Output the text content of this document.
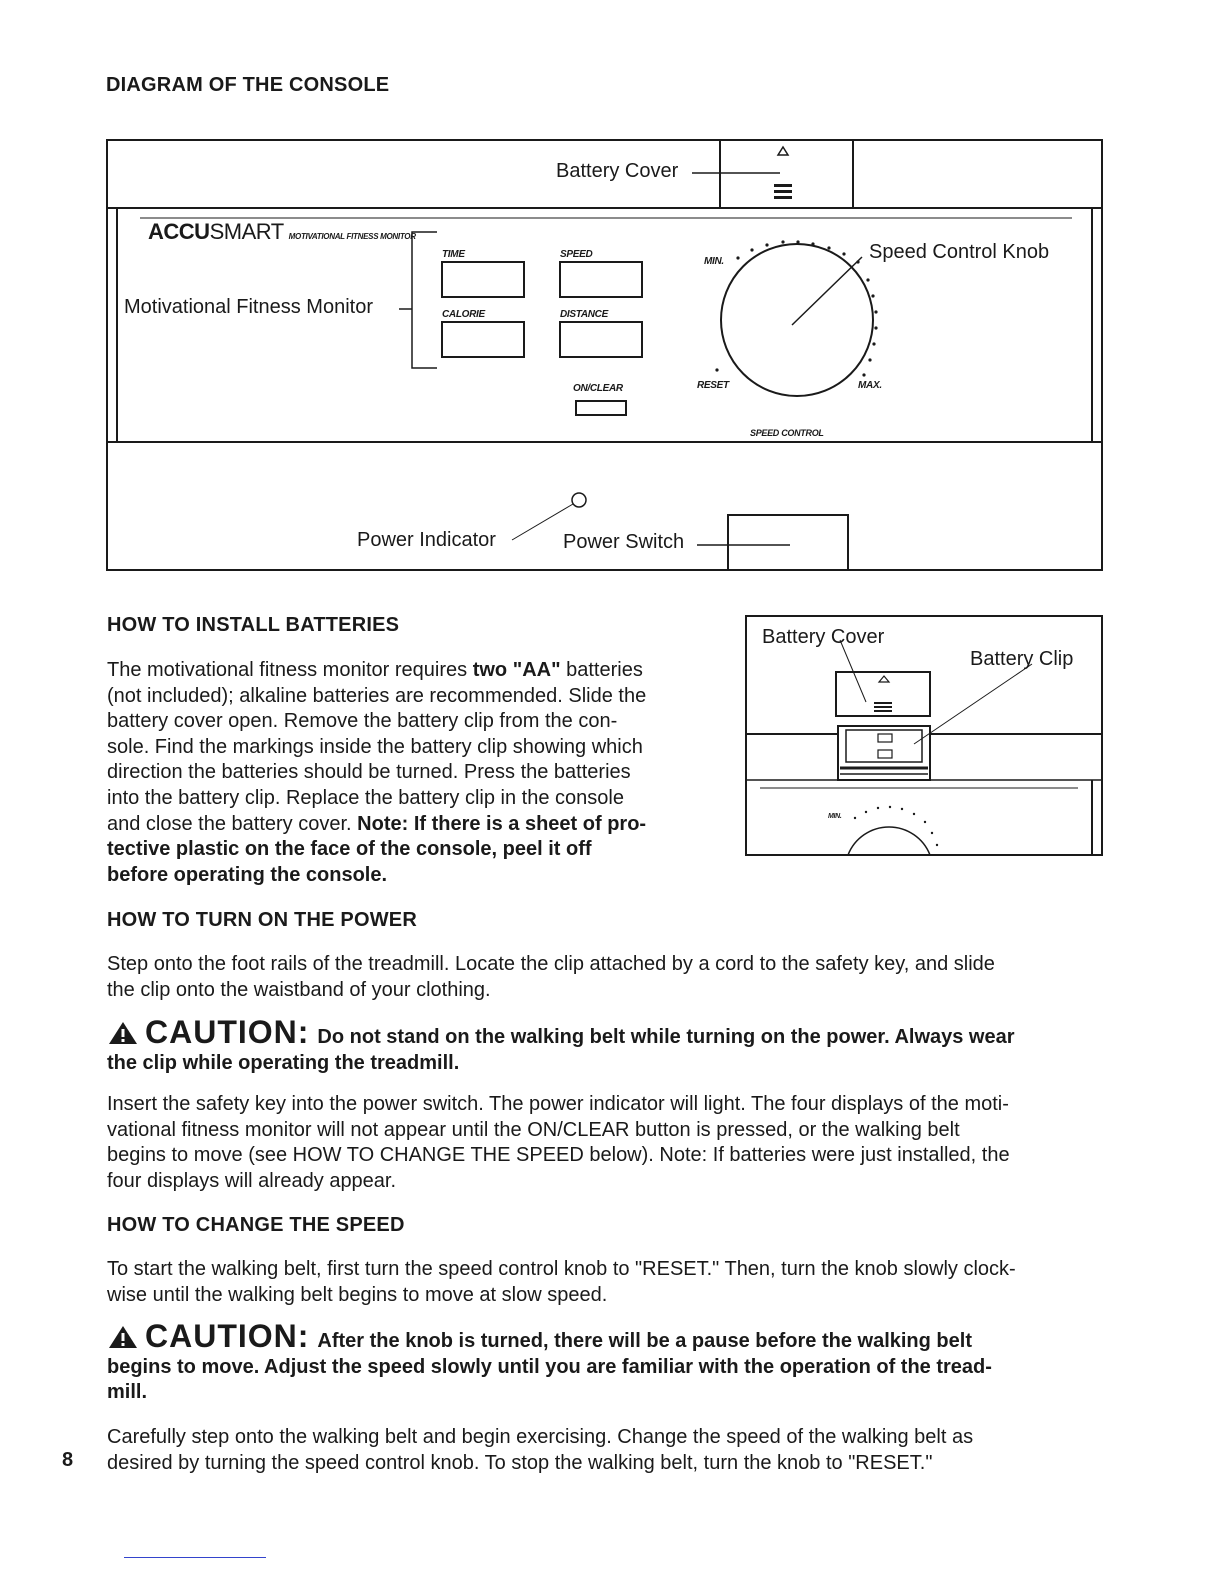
DIAGRAM OF THE CONSOLE
Battery Cover
ACCU SMART MOTIVATIONAL FITNESS MONITOR
Motivational Fitness Monitor
TIME	SPEED
CALORIE	DISTANCE
ON/CLEAR
MIN.	Speed Control Knob
RESET	MAX.
SPEED CONTROL
Power Indicator	Power Switch
Battery Cover
Battery Clip
MIN.
HOW TO INSTALL BATTERIES
The motivational fitness monitor requires two "AA" batteries
(not included); alkaline batteries are recommended. Slide the
battery cover open. Remove the battery clip from the con-
sole. Find the markings inside the battery clip showing which
direction the batteries should be turned. Press the batteries
into the battery clip. Replace the battery clip in the console
and close the battery cover. Note: If there is a sheet of pro-
tective plastic on the face of the console, peel it off
before operating the console.
HOW TO TURN ON THE POWER
Step onto the foot rails of the treadmill. Locate the clip attached by a cord to the safety key, and slide
the clip onto the waistband of your clothing.
CAUTION: Do not stand on the walking belt while turning on the power. Always wear
the clip while operating the treadmill.
Insert the safety key into the power switch. The power indicator will light. The four displays of the moti-
vational fitness monitor will not appear until the ON/CLEAR button is pressed, or the walking belt
begins to move (see HOW TO CHANGE THE SPEED below). Note: If batteries were just installed, the
four displays will already appear.
HOW TO CHANGE THE SPEED
To start the walking belt, first turn the speed control knob to "RESET." Then, turn the knob slowly clock-
wise until the walking belt begins to move at slow speed.
CAUTION: After the knob is turned, there will be a pause before the walking belt
begins to move. Adjust the speed slowly until you are familiar with the operation of the tread-
mill.
Carefully step onto the walking belt and begin exercising. Change the speed of the walking belt as
desired by turning the speed control knob. To stop the walking belt, turn the knob to "RESET."
8
